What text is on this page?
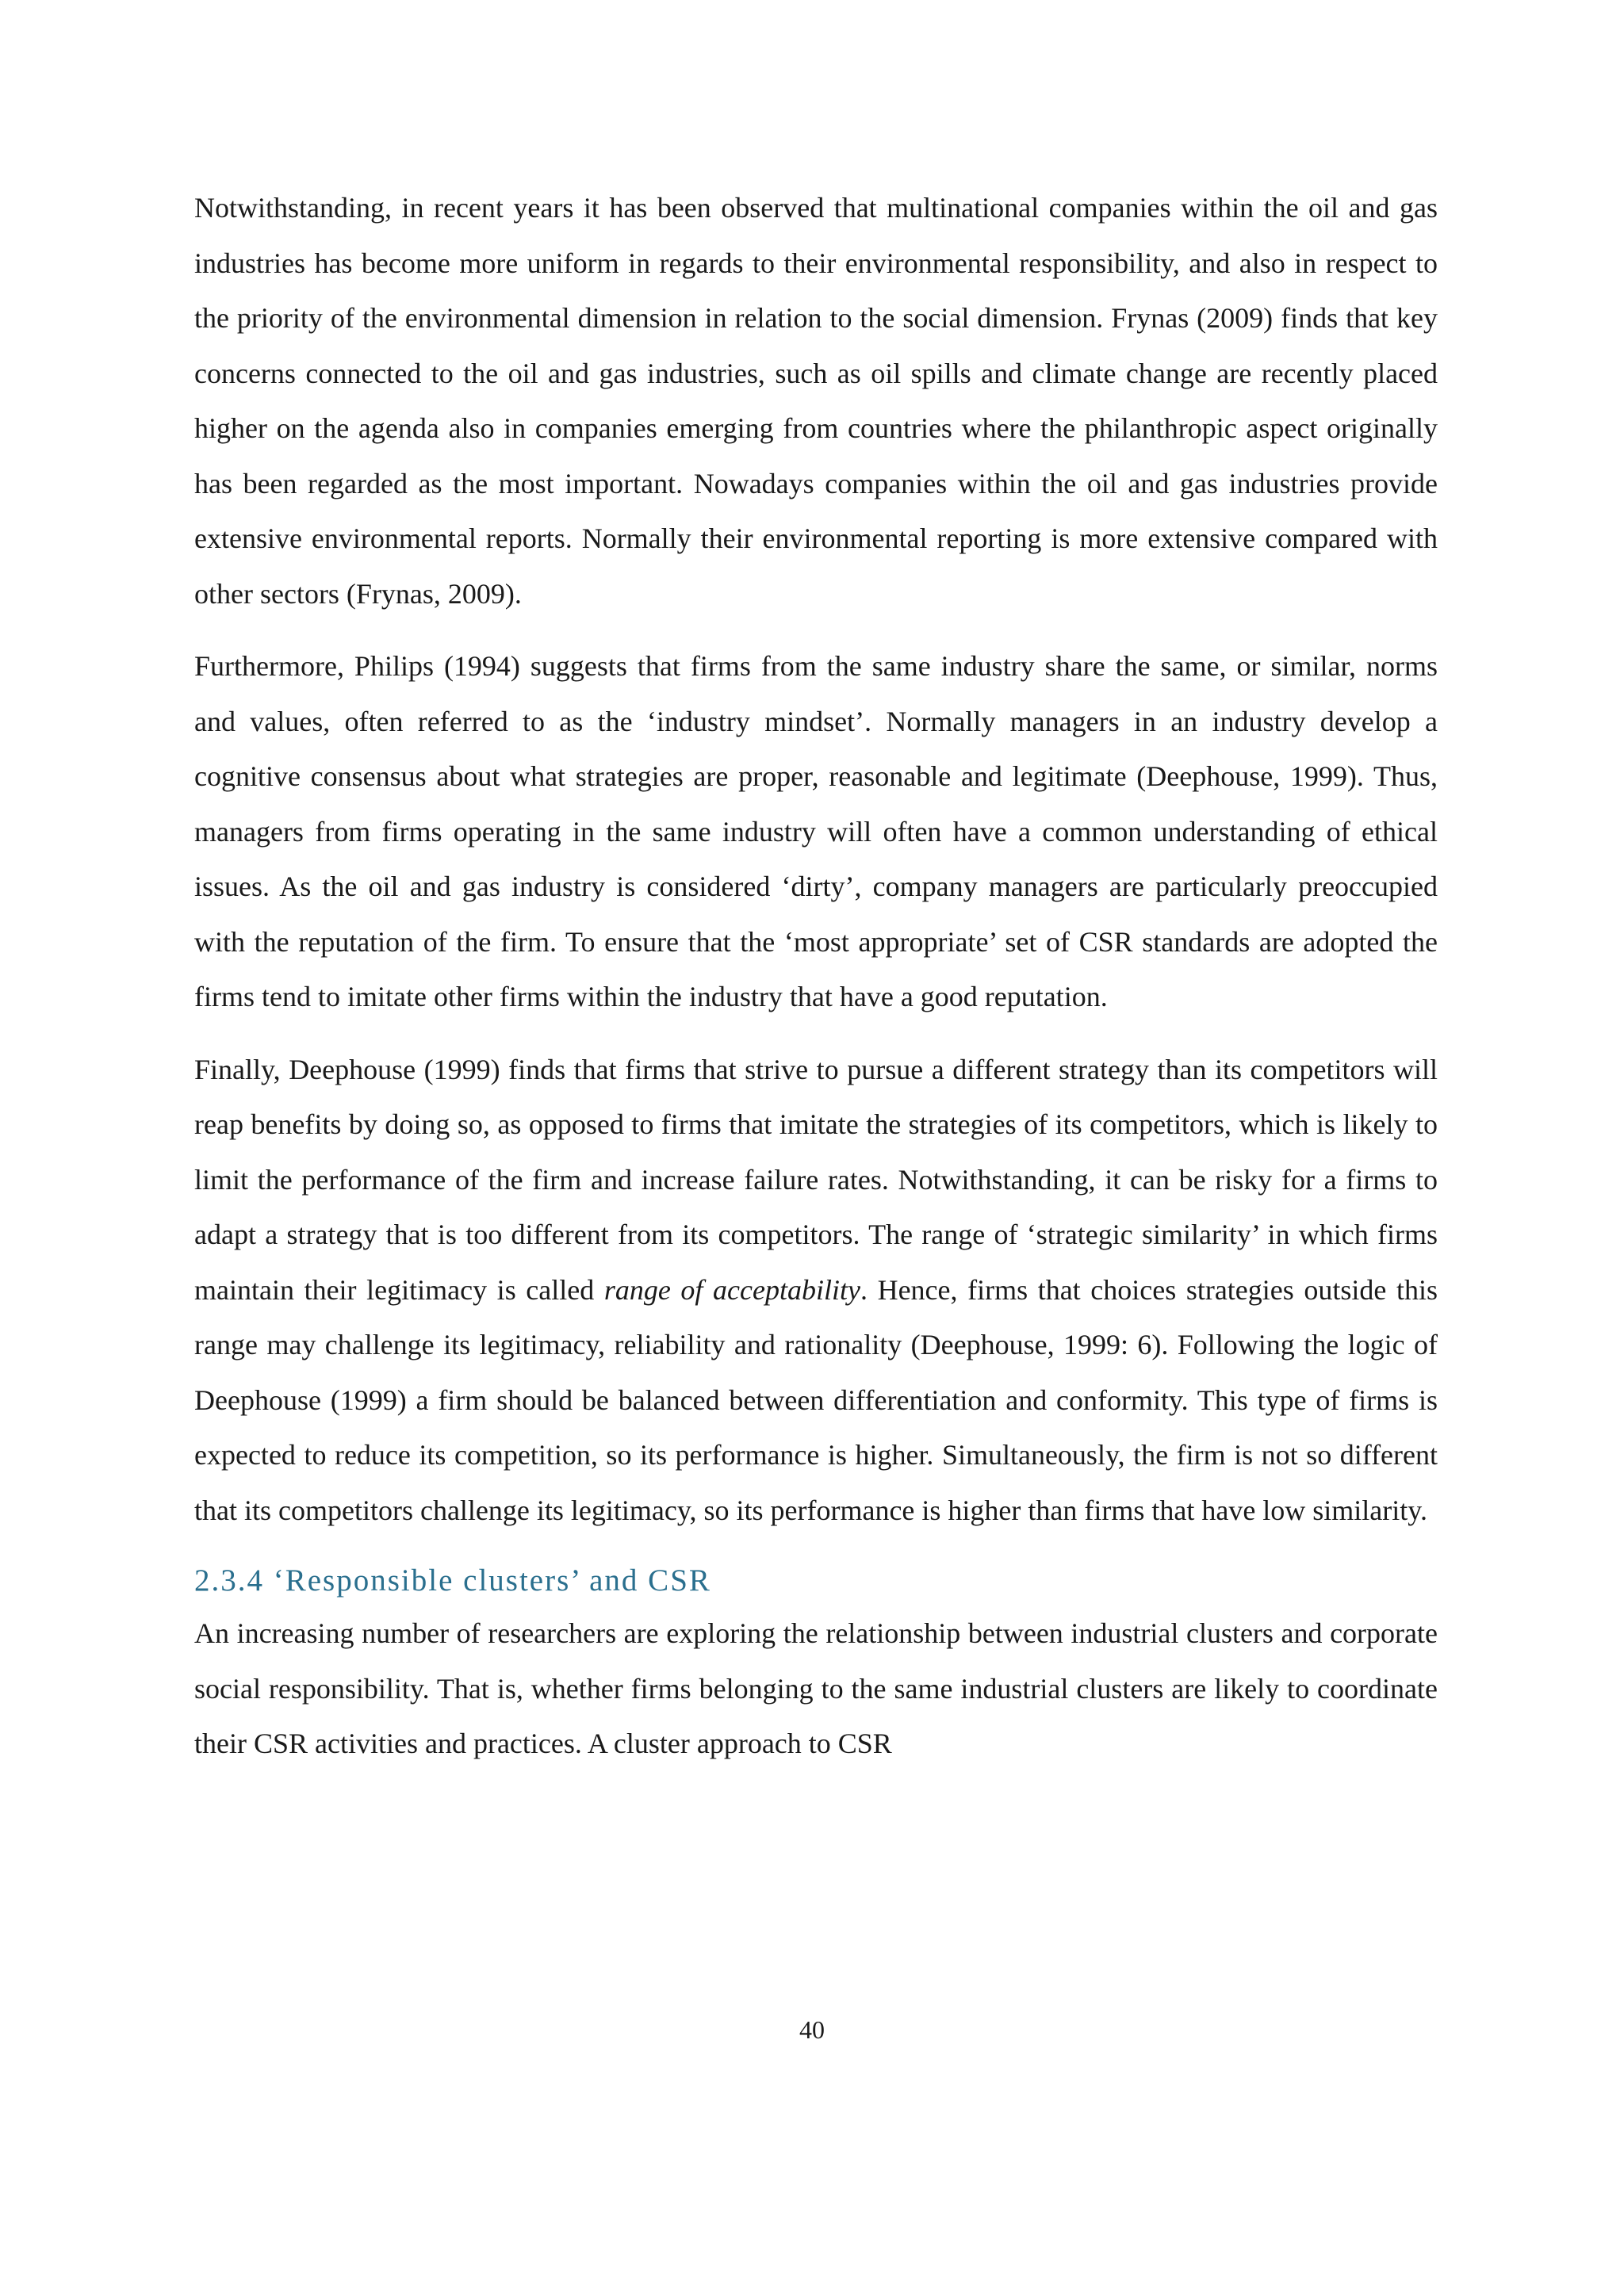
Notwithstanding, in recent years it has been observed that multinational companies within the oil and gas industries has become more uniform in regards to their environmental responsibility, and also in respect to the priority of the environmental dimension in relation to the social dimension. Frynas (2009) finds that key concerns connected to the oil and gas industries, such as oil spills and climate change are recently placed higher on the agenda also in companies emerging from countries where the philanthropic aspect originally has been regarded as the most important. Nowadays companies within the oil and gas industries provide extensive environmental reports. Normally their environmental reporting is more extensive compared with other sectors (Frynas, 2009).

Furthermore, Philips (1994) suggests that firms from the same industry share the same, or similar, norms and values, often referred to as the ‘industry mindset’. Normally managers in an industry develop a cognitive consensus about what strategies are proper, reasonable and legitimate (Deephouse, 1999). Thus, managers from firms operating in the same industry will often have a common understanding of ethical issues. As the oil and gas industry is considered ‘dirty’, company managers are particularly preoccupied with the reputation of the firm. To ensure that the ‘most appropriate’ set of CSR standards are adopted the firms tend to imitate other firms within the industry that have a good reputation.

Finally, Deephouse (1999) finds that firms that strive to pursue a different strategy than its competitors will reap benefits by doing so, as opposed to firms that imitate the strategies of its competitors, which is likely to limit the performance of the firm and increase failure rates. Notwithstanding, it can be risky for a firms to adapt a strategy that is too different from its competitors. The range of ‘strategic similarity’ in which firms maintain their legitimacy is called range of acceptability. Hence, firms that choices strategies outside this range may challenge its legitimacy, reliability and rationality (Deephouse, 1999: 6). Following the logic of Deephouse (1999) a firm should be balanced between differentiation and conformity. This type of firms is expected to reduce its competition, so its performance is higher. Simultaneously, the firm is not so different that its competitors challenge its legitimacy, so its performance is higher than firms that have low similarity.

2.3.4 ‘Responsible clusters’ and CSR

An increasing number of researchers are exploring the relationship between industrial clusters and corporate social responsibility. That is, whether firms belonging to the same industrial clusters are likely to coordinate their CSR activities and practices. A cluster approach to CSR

40
